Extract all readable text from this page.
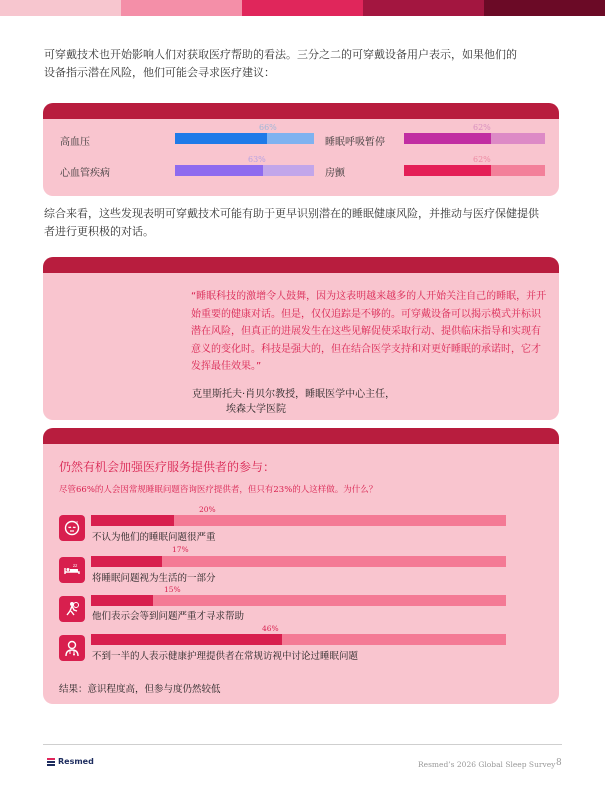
可穿戴技术也开始影响人们对获取医疗帮助的看法。三分之二的可穿戴设备用户表示，如果他们的设备指示潜在风险，他们可能会寻求医疗建议：
高血压
66%
心血管疾病
63%
睡眠呼吸暂停
62%
房颤
62%
综合来看，这些发现表明可穿戴技术可能有助于更早识别潜在的睡眠健康风险，并推动与医疗保健提供者进行更积极的对话。
“睡眠科技的激增令人鼓舞，因为这表明越来越多的人开始关注自己的睡眠，并开始重要的健康对话。但是，仅仅追踪是不够的。可穿戴设备可以揭示模式并标识潜在风险，但真正的进展发生在这些见解促使采取行动、提供临床指导和实现有意义的变化时。科技是强大的，但在结合医学支持和对更好睡眠的承诺时，它才发挥最佳效果。”
克里斯托夫·肖贝尔教授，睡眠医学中心主任，
埃森大学医院
仍然有机会加强医疗服务提供者的参与：
尽管66%的人会因常规睡眠问题咨询医疗提供者，但只有23%的人这样做。为什么？
z
20%
不认为他们的睡眠问题很严重
zz
17%
将睡眠问题视为生活的一部分
15%
他们表示会等到问题严重才寻求帮助
46%
不到一半的人表示健康护理提供者在常规访视中讨论过睡眠问题
结果：意识程度高，但参与度仍然较低
Resmed	Resmed’s 2026 Global Sleep Survey 8
